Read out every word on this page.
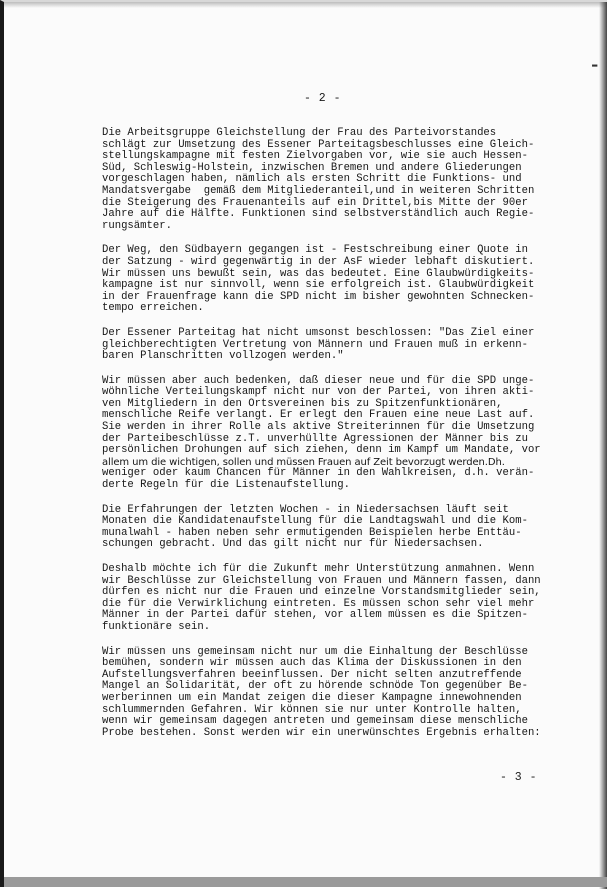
▬
- 2 -
Die Arbeitsgruppe Gleichstellung der Frau des Parteivorstandes
schlägt zur Umsetzung des Essener Parteitagsbeschlusses eine Gleich-
stellungskampagne mit festen Zielvorgaben vor, wie sie auch Hessen-
Süd, Schleswig-Holstein, inzwischen Bremen und andere Gliederungen
vorgeschlagen haben, nämlich als ersten Schritt die Funktions- und
Mandatsvergabe  gemäß dem Mitgliederanteil,und in weiteren Schritten
die Steigerung des Frauenanteils auf ein Drittel,bis Mitte der 90er
Jahre auf die Hälfte. Funktionen sind selbstverständlich auch Regie-
rungsämter.
Der Weg, den Südbayern gegangen ist - Festschreibung einer Quote in
der Satzung - wird gegenwärtig in der AsF wieder lebhaft diskutiert.
Wir müssen uns bewußt sein, was das bedeutet. Eine Glaubwürdigkeits-
kampagne ist nur sinnvoll, wenn sie erfolgreich ist. Glaubwürdigkeit
in der Frauenfrage kann die SPD nicht im bisher gewohnten Schnecken-
tempo erreichen.
Der Essener Parteitag hat nicht umsonst beschlossen: "Das Ziel einer
gleichberechtigten Vertretung von Männern und Frauen muß in erkenn-
baren Planschritten vollzogen werden."
Wir müssen aber auch bedenken, daß dieser neue und für die SPD unge-
wöhnliche Verteilungskampf nicht nur von der Partei, von ihren akti-
ven Mitgliedern in den Ortsvereinen bis zu Spitzenfunktionären,
menschliche Reife verlangt. Er erlegt den Frauen eine neue Last auf.
Sie werden in ihrer Rolle als aktive Streiterinnen für die Umsetzung
der Parteibeschlüsse z.T. unverhüllte Agressionen der Männer bis zu
persönlichen Drohungen auf sich ziehen, denn im Kampf um Mandate, vor
allem um die wichtigen, sollen und müssen Frauen auf Zeit bevorzugt werden.Dh.
weniger oder kaum Chancen für Männer in den Wahlkreisen, d.h. verän-
derte Regeln für die Listenaufstellung.
Die Erfahrungen der letzten Wochen - in Niedersachsen läuft seit
Monaten die Kandidatenaufstellung für die Landtagswahl und die Kom-
munalwahl - haben neben sehr ermutigenden Beispielen herbe Enttäu-
schungen gebracht. Und das gilt nicht nur für Niedersachsen.
Deshalb möchte ich für die Zukunft mehr Unterstützung anmahnen. Wenn
wir Beschlüsse zur Gleichstellung von Frauen und Männern fassen, dann
dürfen es nicht nur die Frauen und einzelne Vorstandsmitglieder sein,
die für die Verwirklichung eintreten. Es müssen schon sehr viel mehr
Männer in der Partei dafür stehen, vor allem müssen es die Spitzen-
funktionäre sein.
Wir müssen uns gemeinsam nicht nur um die Einhaltung der Beschlüsse
bemühen, sondern wir müssen auch das Klima der Diskussionen in den
Aufstellungsverfahren beeinflussen. Der nicht selten anzutreffende
Mangel an Solidarität, der oft zu hörende schnöde Ton gegenüber Be-
werberinnen um ein Mandat zeigen die dieser Kampagne innewohnenden
schlummernden Gefahren. Wir können sie nur unter Kontrolle halten,
wenn wir gemeinsam dagegen antreten und gemeinsam diese menschliche
Probe bestehen. Sonst werden wir ein unerwünschtes Ergebnis erhalten:
- 3 -
